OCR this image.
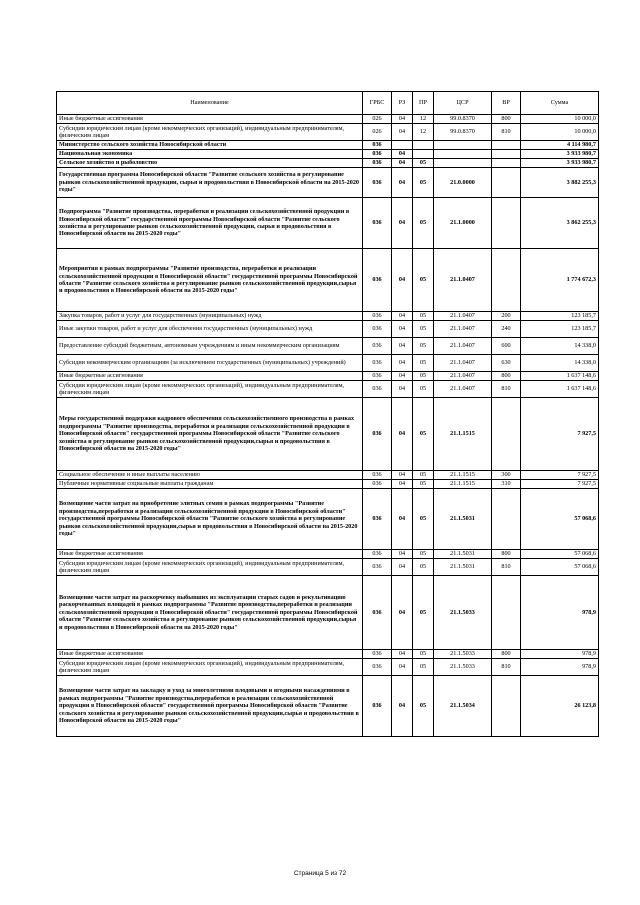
Наименование	ГРБС	РЗ	ПР	ЦСР	ВР	Сумма
Иные бюджетные ассигнования	026	04	12	99.0.8370	800	10 000,0
Субсидии юридическим лицам (кроме некоммерческих организаций), индивидуальным предпринимателям, физическим лицам	026	04	12	99.0.8370	810	10 000,0
Министерство сельского хозяйства Новосибирской области	036					4 114 980,7
Национальная экономика	036	04				3 933 980,7
Сельское хозяйство и рыболовство	036	04	05			3 933 980,7
Государственная программа Новосибирской области "Развитие сельского хозяйства и регулирование рынков сельскохозяйственной продукции, сырья и продовольствия в Новосибирской области на 2015-2020 годы"	036	04	05	21.0.0000		3 882 255,3
Подпрограмма "Развитие производства, переработки и реализации сельскохозяйственной продукции в Новосибирской области" государственной программы Новосибирской области "Развитие сельского хозяйства и регулирование рынков сельскохозяйственной продукции, сырья и продовольствия в Новосибирской области на 2015-2020 годы"	036	04	05	21.1.0000		3 862 255,3
Мероприятия в рамках подпрограммы "Развитие производства, переработки и реализации сельскохозяйственной продукции в Новосибирской области" государственной программы Новосибирской области "Развитие сельского хозяйства и регулирование рынков сельскохозяйственной продукции,сырья и продовольствия в Новосибирской области на 2015-2020 годы"	036	04	05	21.1.0407		1 774 672,3
Закупка товаров, работ и услуг для государственных (муниципальных) нужд	036	04	05	21.1.0407	200	123 185,7
Иные закупки товаров, работ и услуг для обеспечения государственных (муниципальных) нужд	036	04	05	21.1.0407	240	123 185,7
Предоставление субсидий бюджетным, автономным учреждениям и иным некоммерческим организациям	036	04	05	21.1.0407	600	14 338,0
Субсидии некоммерческим организациям (за исключением государственных (муниципальных) учреждений)	036	04	05	21.1.0407	630	14 338,0
Иные бюджетные ассигнования	036	04	05	21.1.0407	800	1 637 148,6
Субсидии юридическим лицам (кроме некоммерческих организаций), индивидуальным предпринимателям, физическим лицам	036	04	05	21.1.0407	810	1 637 148,6
Меры государственной поддержки кадрового обеспечения сельскохозяйственного производства в рамках подпрограммы "Развитие производства, переработки и реализации сельскохозяйственной продукции в Новосибирской области" государственной программы Новосибирской области "Развитие сельского хозяйства и регулирование рынков сельскохозяйственной продукции,сырья и продовольствия в Новосибирской области на 2015-2020 годы"	036	04	05	21.1.1515		7 927,5
Социальное обеспечение и иные выплаты населению	036	04	05	21.1.1515	300	7 927,5
Публичные нормативные социальные выплаты гражданам	036	04	05	21.1.1515	310	7 927,5
Возмещение части затрат на приобретение элитных семян в рамках подпрограммы "Развитие производства,переработки и реализации сельскохозяйственной продукции в Новосибирской области" государственной программы Новосибирской области "Развитие сельского хозяйства и регулирование рынков сельскохозяйственной продукции,сырья и продовольствия в Новосибирской области на 2015-2020 годы"	036	04	05	21.1.5031		57 068,6
Иные бюджетные ассигнования	036	04	05	21.1.5031	800	57 068,6
Субсидии юридическим лицам (кроме некоммерческих организаций), индивидуальным предпринимателям, физическим лицам	036	04	05	21.1.5031	810	57 068,6
Возмещение части затрат на раскорчевку выбывших из эксплуатации старых садов и рекультивацию раскорчеванных площадей в рамках подпрограммы "Развитие производства,переработки и реализации сельскохозяйственной продукции в Новосибирской области" государственной программы Новосибирской области "Развитие сельского хозяйства и регулирование рынков сельскохозяйственной продукции,сырья и продовольствия в Новосибирской области на 2015-2020 годы"	036	04	05	21.1.5033		978,9
Иные бюджетные ассигнования	036	04	05	21.1.5033	800	978,9
Субсидии юридическим лицам (кроме некоммерческих организаций), индивидуальным предпринимателям, физическим лицам	036	04	05	21.1.5033	810	978,9
Возмещение части затрат на закладку и уход за многолетними плодовыми и ягодными насаждениями в рамках подпрограммы "Развитие производства,переработки и реализации сельскохозяйственной продукции в Новосибирской области" государственной программы Новосибирской области "Развитие сельского хозяйства и регулирование рынков сельскохозяйственной продукции,сырья и продовольствия в Новосибирской области на 2015-2020 годы"	036	04	05	21.1.5034		26 123,8
Страница 5 из 72
